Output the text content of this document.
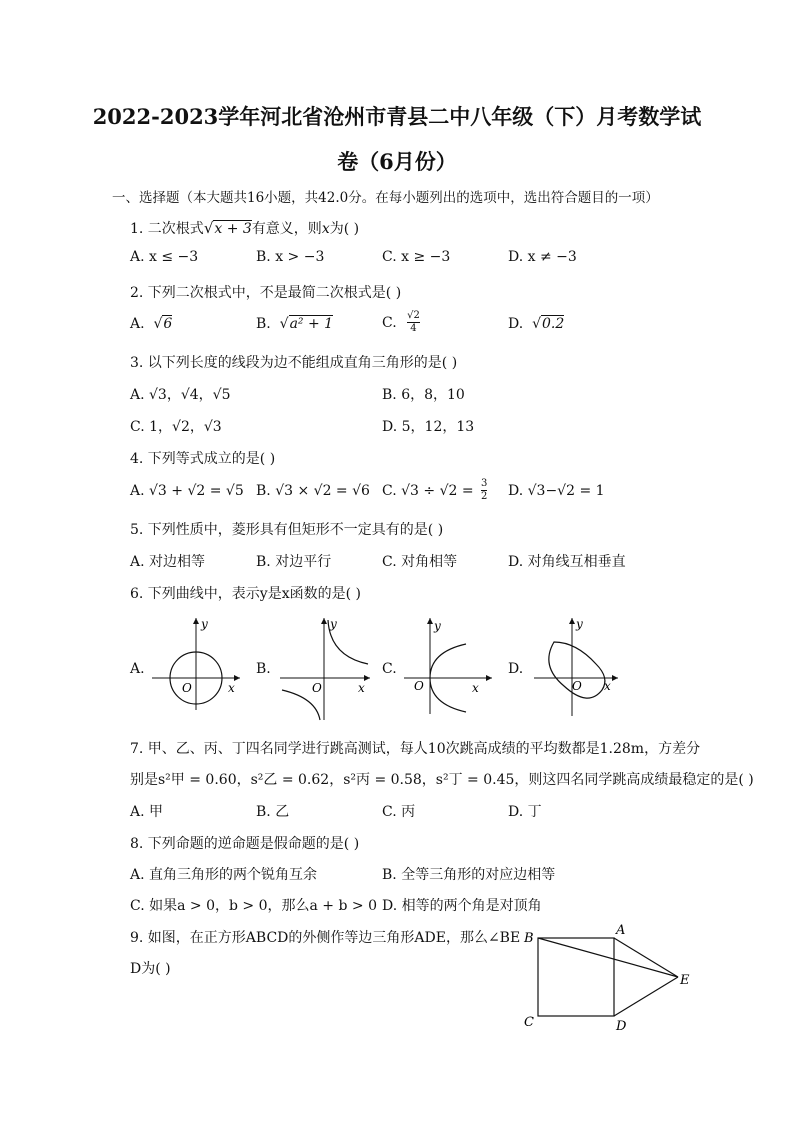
2022-2023学年河北省沧州市青县二中八年级（下）月考数学试
卷（6月份）
一、选择题（本大题共16小题，共42.0分。在每小题列出的选项中，选出符合题目的一项）
1. 二次根式√x + 3有意义，则x为( )
A. x ≤ −3	B. x > −3	C. x ≥ −3	D. x ≠ −3
2. 下列二次根式中，不是最简二次根式是( )
A.  √6	B.  √a² + 1	C. $\frac{√2}{4}$	D.  √0.2
3. 以下列长度的线段为边不能组成直角三角形的是( )
A. √3，√4，√5	B. 6，8，10
C. 1，√2，√3	D. 5，12，13
4. 下列等式成立的是( )
A. √3 + √2 = √5 B. √3 × √2 = √6 C. $√3 \div √2 = \frac{3}{2} D$. √3−√2 = 1
5. 下列性质中，菱形具有但矩形不一定具有的是( )
A. 对边相等	B. 对边平行	C. 对角相等	D. 对角线互相垂直
6. 下列曲线中，表示y是x函数的是( )
A.
y
x
O
B.
y
x
O
C.
y
x
O
D.
y
x
O
7. 甲、乙、丙、丁四名同学进行跳高测试，每人10次跳高成绩的平均数都是1.28m，方差分
别是s²甲 = 0.60，s²乙 = 0.62，s²丙 = 0.58，s²丁 = 0.45，则这四名同学跳高成绩最稳定的是( )
A. 甲	B. 乙	C. 丙	D. 丁
8. 下列命题的逆命题是假命题的是( )
A. 直角三角形的两个锐角互余	B. 全等三角形的对应边相等
C. 如果a > 0，b > 0，那么a + b > 0 D. 相等的两个角是对顶角
9. 如图，在正方形ABCD的外侧作等边三角形ADE，那么∠BE
D为( )
B
A
E
C	D
